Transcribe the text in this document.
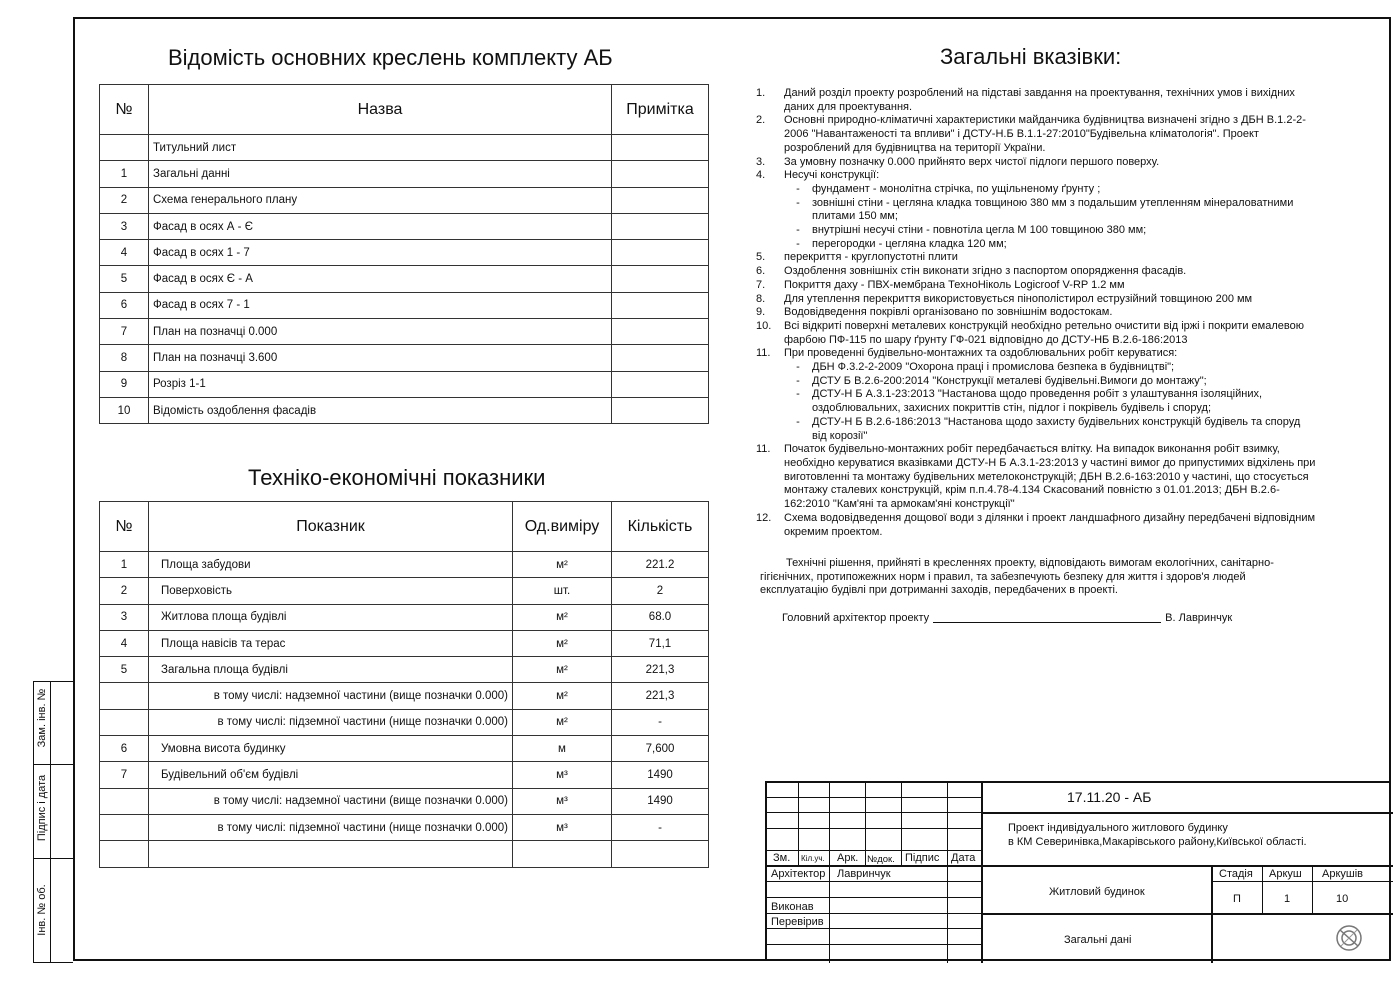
Зам. інв. №
Підпис і дата
Інв. № об.
Відомість основних креслень комплекту АБ
№	Назва	Примітка
	Титульний лист	
1	Загальні данні	
2	Схема генерального плану	
3	Фасад в осях А - Є	
4	Фасад в осях 1 - 7	
5	Фасад в осях Є - А	
6	Фасад в осях 7 - 1	
7	План на позначці 0.000	
8	План на позначці 3.600	
9	Розріз 1-1	
10	Відомість оздоблення фасадів	
Техніко-економічні показники
№	Показник	Од.виміру	Кількість
1	Площа забудови	м²	221.2
2	Поверховість	шт.	2
3	Житлова площа будівлі	м²	68.0
4	Площа навісів та терас	м²	71,1
5	Загальна площа будівлі	м²	221,3
	в тому числі: надземної частини (вище позначки 0.000)	м²	221,3
	в тому числі: підземної частини (нище позначки 0.000)	м²	-
6	Умовна висота будинку	м	7,600
7	Будівельний об'єм будівлі	м³	1490
	в тому числі: надземної частини (вище позначки 0.000)	м³	1490
	в тому числі: підземної частини (нище позначки 0.000)	м³	-

Загальні вказівки:
1.	Даний розділ проекту розроблений на підставі завдання на проектування, технічних умов і вихідних даних для проектування.
2.	Основні природно-кліматичні характеристики майданчика будівництва визначені згідно з ДБН В.1.2-2-2006 "Навантаженості та впливи" і ДСТУ-Н.Б В.1.1-27:2010"Будівельна кліматологія". Проект розроблений для будівництва на території України.
3.	За умовну позначку 0.000 прийнято верх чистої підлоги першого поверху.
4.	Несучі конструкції:
-	фундамент - монолітна стрічка, по ущільненому ґрунту ;
-	зовнішні стіни - цегляна кладка товщиною 380 мм з подальшим утепленням мінераловатними плитами 150 мм;
-	внутрішні несучі стіни - повнотіла цегла М 100 товщиною 380 мм;
-	перегородки - цегляна кладка 120 мм;
5.	перекриття - круглопустотні плити
6.	Оздоблення зовнішніх стін виконати згідно з паспортом опорядження фасадів.
7.	Покриття даху - ПВХ-мембрана ТехноНіколь Logicroof V-RP 1.2 мм
8.	Для утеплення перекриття використовується пінополістирол еструзійний товщиною 200 мм
9.	Водовідведення покрівлі організовано по зовнішнім водостокам.
10.	Всі відкриті поверхні металевих конструкцій необхідно ретельно очистити від іржі і покрити емалевою фарбою ПФ-115 по шару ґрунту ГФ-021 відповідно до ДСТУ-НБ В.2.6-186:2013
11.	При проведенні будівельно-монтажних та оздоблювальних робіт керуватися:
-	ДБН Ф.3.2-2-2009 "Охорона праці і промислова безпека в будівництві";
-	ДСТУ Б В.2.6-200:2014 "Конструкції металеві будівельні.Вимоги до монтажу";
-	ДСТУ-Н Б А.3.1-23:2013 "Настанова щодо проведення робіт з улаштування ізоляційних, оздоблювальних, захисних покриттів стін, підлог і покрівель будівель і споруд;
-	ДСТУ-Н Б В.2.6-186:2013 "Настанова щодо захисту будівельних конструкцій будівель та споруд від корозії"
11.	Початок будівельно-монтажних робіт передбачається влітку. На випадок виконання робіт взимку, необхідно керуватися вказівками ДСТУ-Н Б А.3.1-23:2013 у частині вимог до припустимих відхілень при виготовленні та монтажу будівельних метелоконструкцій; ДБН В.2.6-163:2010 у частині, що стосується монтажу сталевих конструкцій, крім п.п.4.78-4.134 Скасований повністю з 01.01.2013; ДБН В.2.6-162:2010 "Кам'яні та армокам'яні конструкції"
12.	Схема водовідведення дощової води з ділянки і проект ландшафного дизайну передбачені відповідним окремим проектом.
Технічні рішення, прийняті в кресленнях проекту, відповідають вимогам екологічних, санітарно-гігієнічних, протипожежних норм і правил, та забезпечують безпеку для життя і здоров'я людей експлуатацію будівлі при дотриманні заходів, передбачених в проекті.
Головний архітектор проекту	В. Лавринчук
17.11.20 - АБ
Проект індивідуального житлового будинку
в КМ Северинівка,Макарівського району,Київської області.
Зм. Кіл.уч. Арк. №док. Підпис Дата
Архітектор Лавринчук
Виконав
Перевірив
Житловий будинок
Загальні дані
Стадія Аркуш Аркушів
П	1	10
